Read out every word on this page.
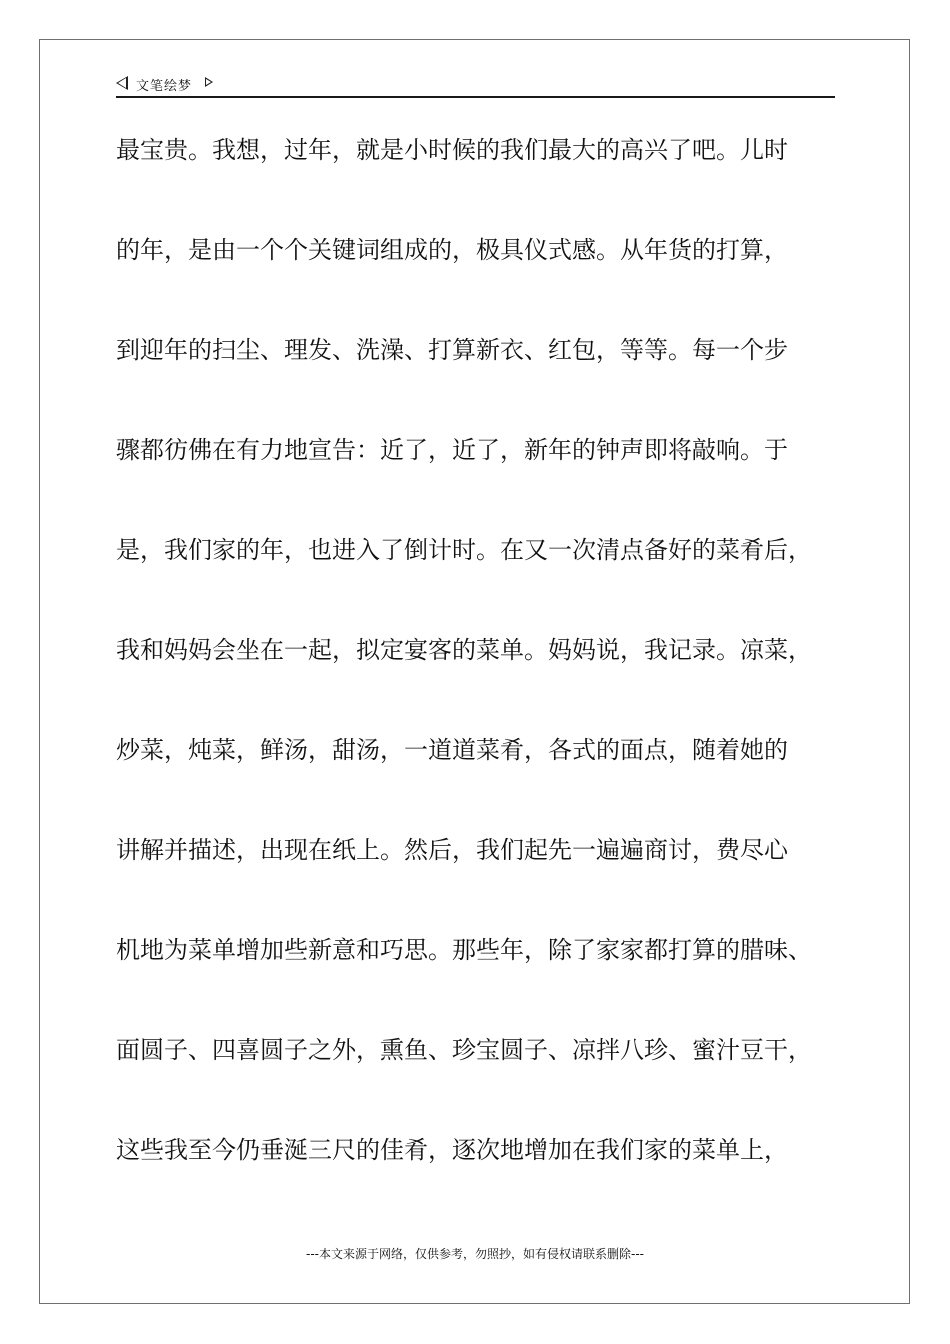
文笔绘梦
最宝贵。我想，过年，就是小时候的我们最大的高兴了吧。儿时
的年，是由一个个关键词组成的，极具仪式感。从年货的打算，
到迎年的扫尘、理发、洗澡、打算新衣、红包，等等。每一个步
骤都彷佛在有力地宣告：近了，近了，新年的钟声即将敲响。于
是，我们家的年，也进入了倒计时。在又一次清点备好的菜肴后，
我和妈妈会坐在一起，拟定宴客的菜单。妈妈说，我记录。凉菜，
炒菜，炖菜，鲜汤，甜汤，一道道菜肴，各式的面点，随着她的
讲解并描述，出现在纸上。然后，我们起先一遍遍商讨，费尽心
机地为菜单增加些新意和巧思。那些年，除了家家都打算的腊味、
面圆子、四喜圆子之外，熏鱼、珍宝圆子、凉拌八珍、蜜汁豆干，
这些我至今仍垂涎三尺的佳肴，逐次地增加在我们家的菜单上，
---本文来源于网络，仅供参考，勿照抄，如有侵权请联系删除---
